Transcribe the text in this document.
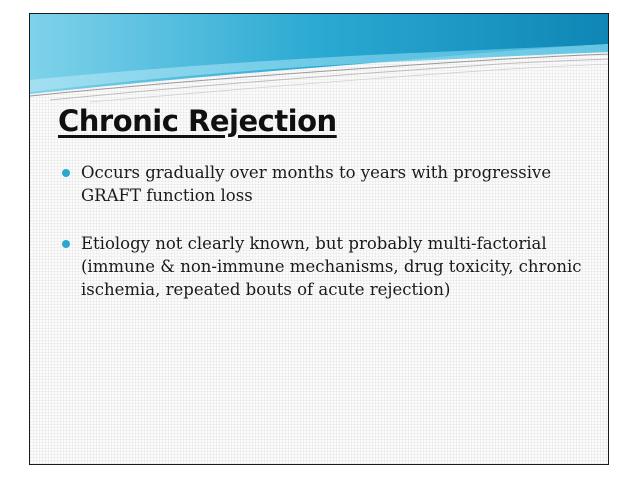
Chronic Rejection
Occurs gradually over months to years with progressive GRAFT function loss
Etiology not clearly known, but probably multi-factorial (immune & non-immune mechanisms, drug toxicity, chronic ischemia, repeated bouts of acute rejection)
